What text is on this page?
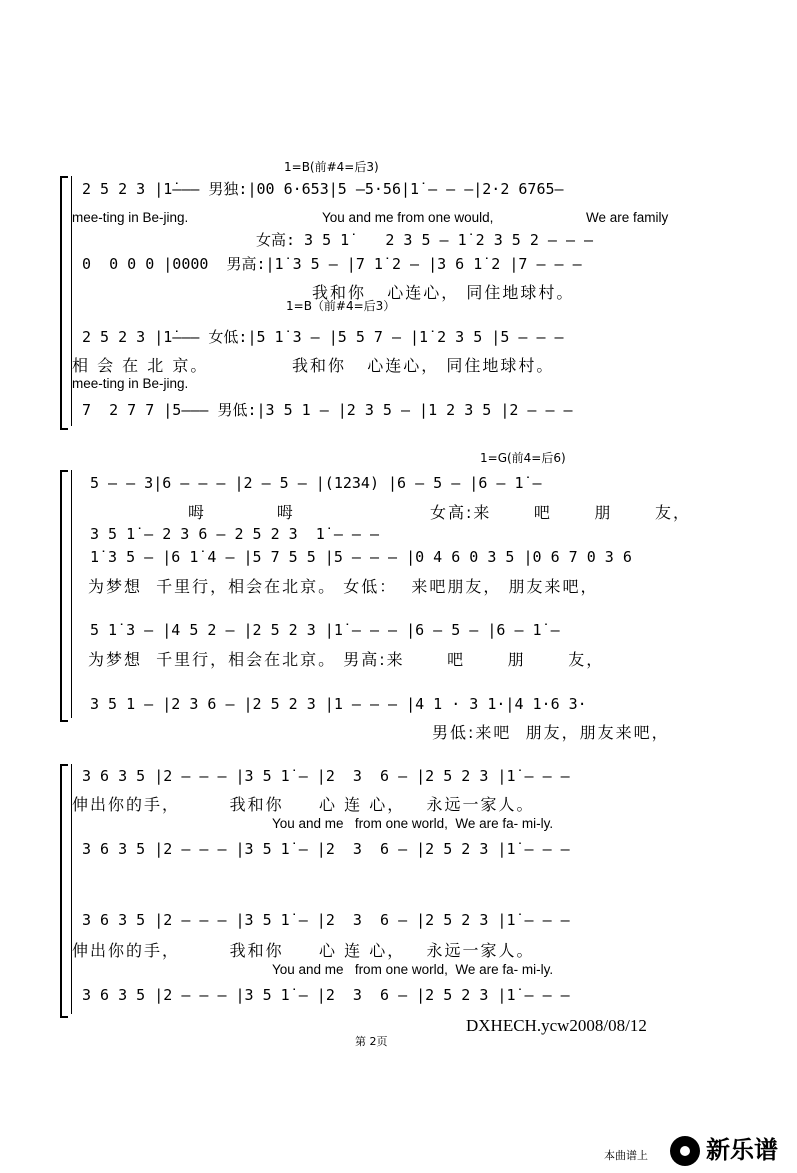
1=B(前#4=后3)
2 5 2 3 |1̇——— 男独:|00 6·653|5 —5·56|1̇ — — —|2·2 6765—
mee-ting in Be-jing.	You and me from one would,	We are family
女高: 3 5 1̇    2 3 5 — 1̇ 2 3 5 2 — — —
0  0 0 0 |0000  男高:|1̇ 3 5 — |7 1̇ 2 — |3 6 1̇ 2 |7 — — —
我和你   心连心， 同住地球村。
1=B（前#4=后3）
2 5 2 3 |1̇——— 女低:|5 1̇ 3 — |5 5 7 — |1̇ 2 3 5 |5 — — —
相 会 在 北 京。	我和你   心连心， 同住地球村。
mee-ting in Be-jing.
7  2 7 7 |5——— 男低:|3 5 1 — |2 3 5 — |1 2 3 5 |2 — — —
1=G(前4=后6)
5 — — 3|6 — — — |2 — 5 — |(1234) |6 — 5 — |6 — 1̇ —
呣          呣	女高:来      吧      朋      友，
3 5 1̇ — 2 3 6 — 2 5 2 3  1̇ — — —
1̇ 3 5 — |6 1̇ 4 — |5 7 5 5 |5 — — — |0 4 6 0 3 5 |0 6 7 0 3 6
为梦想  千里行，相会在北京。 女低：  来吧朋友， 朋友来吧，
5 1̇ 3 — |4 5 2 — |2 5 2 3 |1̇ — — — |6 — 5 — |6 — 1̇ —
为梦想  千里行，相会在北京。 男高:来      吧      朋      友，
3 5 1 — |2 3 6 — |2 5 2 3 |1 — — — |4 1 · 3 1·|4 1·6 3·
男低:来吧  朋友，朋友来吧，
3 6 3 5 |2 — — — |3 5 1̇ — |2  3  6 — |2 5 2 3 |1̇ — — —
伸出你的手，       我和你     心 连 心，   永远一家人。
You and me   from one world,  We are fa- mi-ly.
3 6 3 5 |2 — — — |3 5 1̇ — |2  3  6 — |2 5 2 3 |1̇ — — —
3 6 3 5 |2 — — — |3 5 1̇ — |2  3  6 — |2 5 2 3 |1̇ — — —
伸出你的手，       我和你     心 连 心，   永远一家人。
You and me   from one world,  We are fa- mi-ly.
3 6 3 5 |2 — — — |3 5 1̇ — |2  3  6 — |2 5 2 3 |1̇ — — —
DXHECH.ycw2008/08/12
第 2页
本曲谱上 新乐谱
